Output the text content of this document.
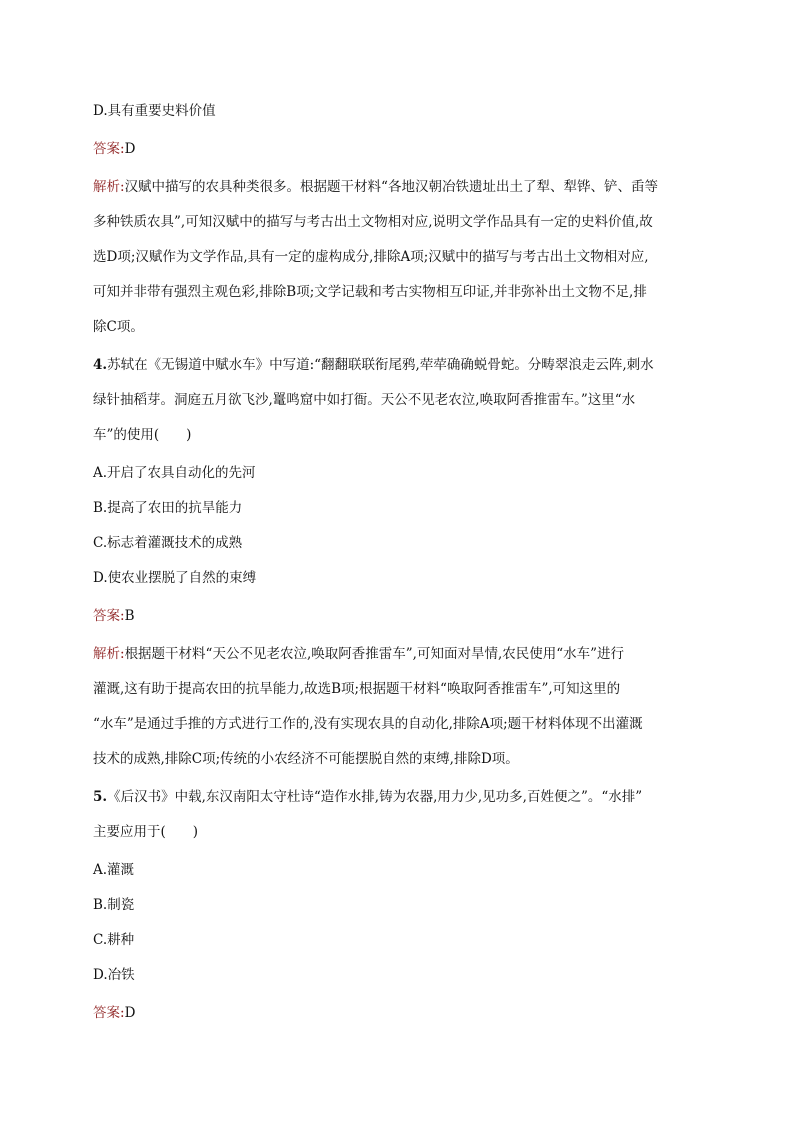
D.具有重要史料价值

答案:D

解析:汉赋中描写的农具种类很多。根据题干材料“各地汉朝冶铁遗址出土了犁、犁铧、铲、臿等

多种铁质农具”,可知汉赋中的描写与考古出土文物相对应,说明文学作品具有一定的史料价值,故

选D项;汉赋作为文学作品,具有一定的虚构成分,排除A项;汉赋中的描写与考古出土文物相对应,

可知并非带有强烈主观色彩,排除B项;文学记载和考古实物相互印证,并非弥补出土文物不足,排

除C项。

4.苏轼在《无锡道中赋水车》中写道:“翻翻联联衔尾鸦,荦荦确确蜕骨蛇。分畴翠浪走云阵,刺水

绿针抽稻芽。洞庭五月欲飞沙,鼍鸣窟中如打衙。天公不见老农泣,唤取阿香推雷车。”这里“水

车”的使用(　　)

A.开启了农具自动化的先河

B.提高了农田的抗旱能力

C.标志着灌溉技术的成熟

D.使农业摆脱了自然的束缚

答案:B

解析:根据题干材料“天公不见老农泣,唤取阿香推雷车”,可知面对旱情,农民使用“水车”进行

灌溉,这有助于提高农田的抗旱能力,故选B项;根据题干材料“唤取阿香推雷车”,可知这里的

“水车”是通过手推的方式进行工作的,没有实现农具的自动化,排除A项;题干材料体现不出灌溉

技术的成熟,排除C项;传统的小农经济不可能摆脱自然的束缚,排除D项。

5.《后汉书》中载,东汉南阳太守杜诗“造作水排,铸为农器,用力少,见功多,百姓便之”。“水排”

主要应用于(　　)

A.灌溉

B.制瓷

C.耕种

D.冶铁

答案:D
